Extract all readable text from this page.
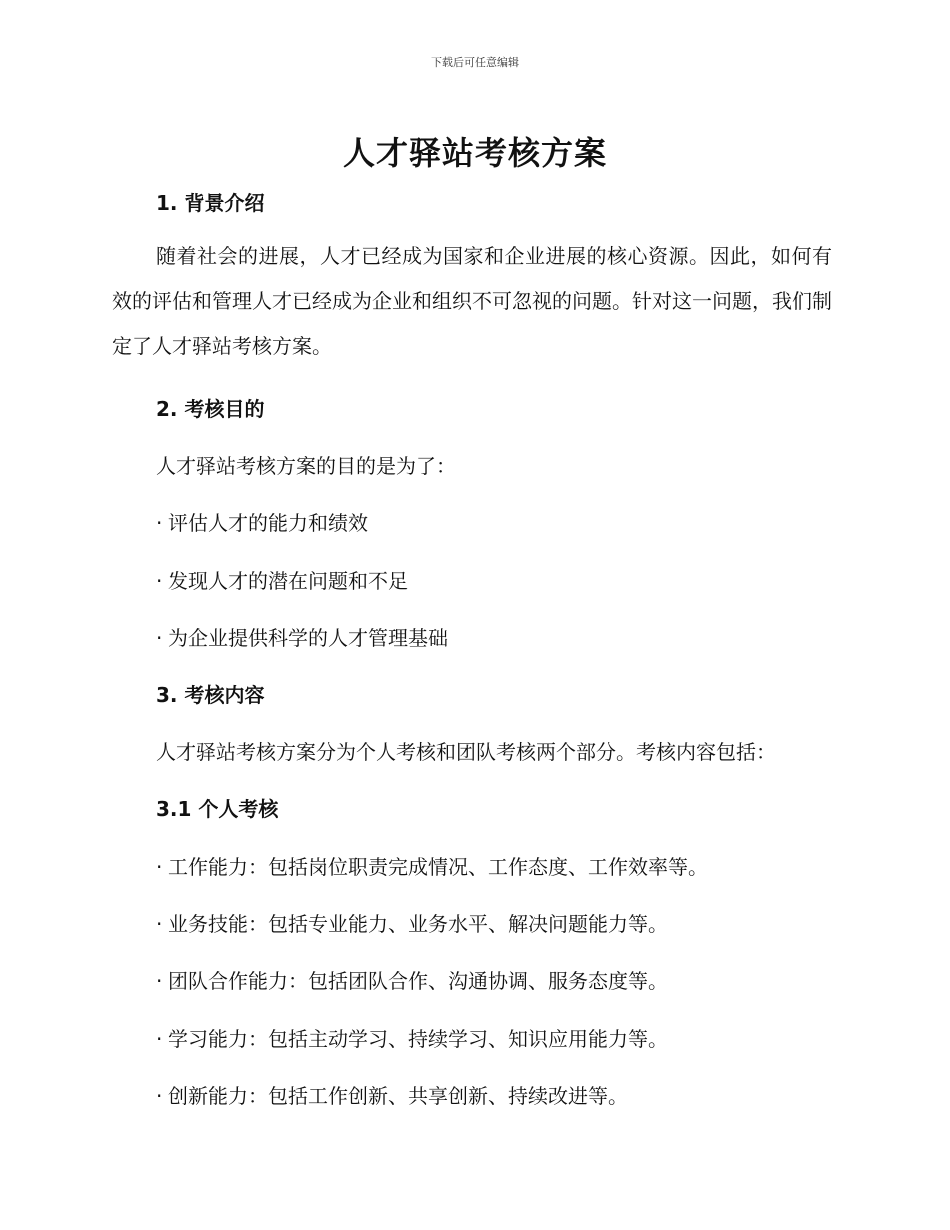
下载后可任意编辑
人才驿站考核方案
1. 背景介绍
随着社会的进展，人才已经成为国家和企业进展的核心资源。因此，如何有效的评估和管理人才已经成为企业和组织不可忽视的问题。针对这一问题，我们制定了人才驿站考核方案。
2. 考核目的
人才驿站考核方案的目的是为了：
· 评估人才的能力和绩效
· 发现人才的潜在问题和不足
· 为企业提供科学的人才管理基础
3. 考核内容
人才驿站考核方案分为个人考核和团队考核两个部分。考核内容包括：
3.1 个人考核
· 工作能力：包括岗位职责完成情况、工作态度、工作效率等。
· 业务技能：包括专业能力、业务水平、解决问题能力等。
· 团队合作能力：包括团队合作、沟通协调、服务态度等。
· 学习能力：包括主动学习、持续学习、知识应用能力等。
· 创新能力：包括工作创新、共享创新、持续改进等。
